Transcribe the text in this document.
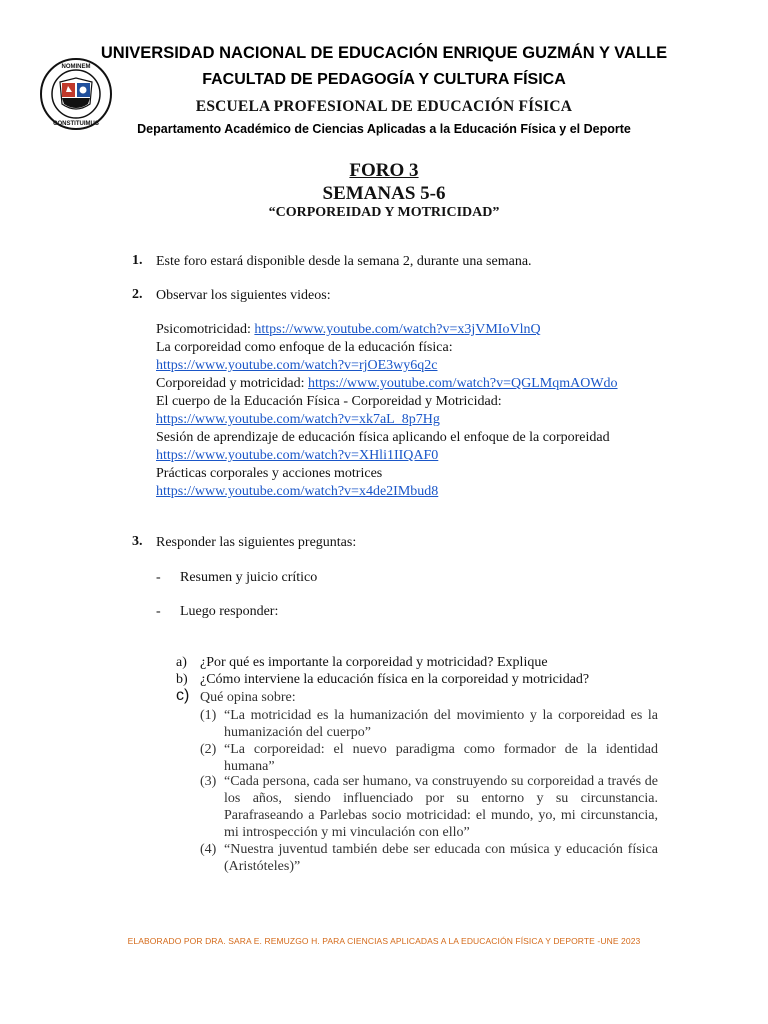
NOMINEM
CONSTITUIMUS
UNIVERSIDAD NACIONAL DE EDUCACIÓN ENRIQUE GUZMÁN Y VALLE
FACULTAD DE PEDAGOGÍA Y CULTURA FÍSICA
ESCUELA PROFESIONAL DE EDUCACIÓN FÍSICA
Departamento Académico de Ciencias Aplicadas a la Educación Física y el Deporte
FORO 3
SEMANAS 5-6
“CORPOREIDAD Y MOTRICIDAD”
1. Este foro estará disponible desde la semana 2, durante una semana.
2. Observar los siguientes videos:
Psicomotricidad: https://www.youtube.com/watch?v=x3jVMIoVlnQ
La corporeidad como enfoque de la educación física:
https://www.youtube.com/watch?v=rjOE3wy6q2c
Corporeidad y motricidad: https://www.youtube.com/watch?v=QGLMqmAOWdo
El cuerpo de la Educación Física - Corporeidad y Motricidad:
https://www.youtube.com/watch?v=xk7aL_8p7Hg
Sesión de aprendizaje de educación física aplicando el enfoque de la corporeidad
https://www.youtube.com/watch?v=XHli1IIQAF0
Prácticas corporales y acciones motrices
https://www.youtube.com/watch?v=x4de2IMbud8
3. Responder las siguientes preguntas:
- Resumen y juicio crítico
- Luego responder:
a) ¿Por qué es importante la corporeidad y motricidad? Explique
b) ¿Cómo interviene la educación física en la corporeidad y motricidad?
c) Qué opina sobre:
(1) “La motricidad es la humanización del movimiento y la corporeidad es la humanización del cuerpo”
(2) “La corporeidad: el nuevo paradigma como formador de la identidad humana”
(3) “Cada persona, cada ser humano, va construyendo su corporeidad a través de los años, siendo influenciado por su entorno y su circunstancia. Parafraseando a Parlebas socio motricidad: el mundo, yo, mi circunstancia, mi introspección y mi vinculación con ello”
(4) “Nuestra juventud también debe ser educada con música y educación física (Aristóteles)”
ELABORADO POR DRA. SARA E. REMUZGO H. PARA CIENCIAS APLICADAS A LA EDUCACIÓN FÍSICA Y DEPORTE -UNE 2023
